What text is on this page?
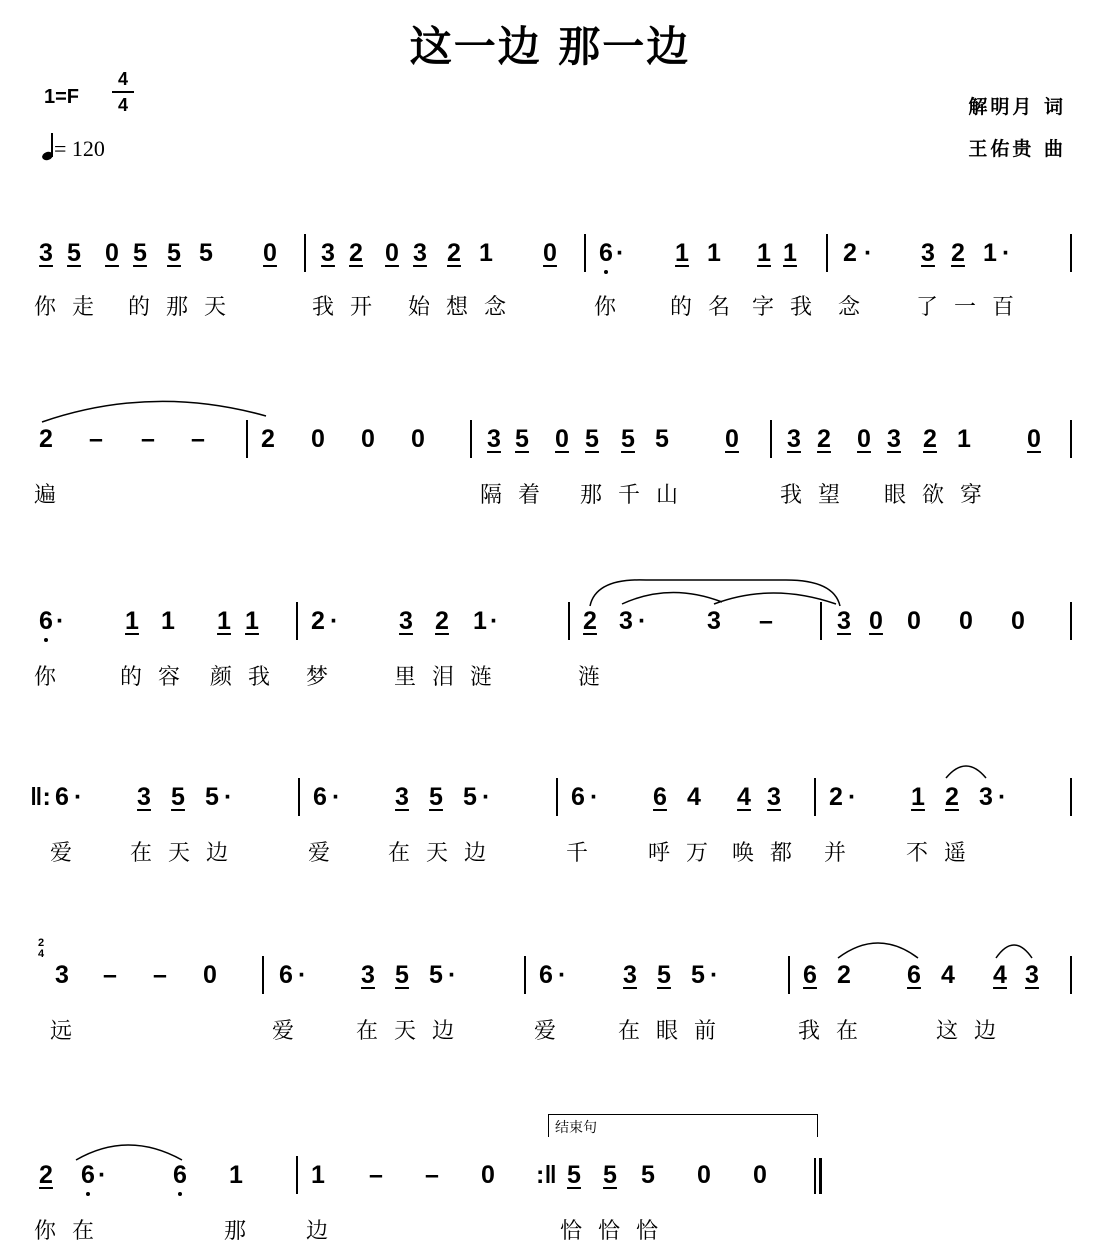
这一边 那一边
1=F
4
4
= 120
解明月 词
王佑贵 曲
3 5 0 5 5 5 0 3 2 0 3 2 1 0 6 · 1 1 1 1 2 · 3 2 1 ·
你走 的那天	我开 始想念	你 的名 字我 念 了一百
2 – – – 2 0 0 0 3 5 0 5 5 5 0 3 2 0 3 2 1 0
遍	隔着 那千山	我望 眼欲穿
6 · 1 1 1 1 2 · 3 2 1 ·	2 3 · 3 –	3 0 0 0 0
你 的容 颜我 梦 里泪涟	涟
‖: 6 · 3 5 5 ·	6 · 3 5 5 ·	6 · 6 4 4 3 2 · 1 2 3 ·
爱 在天边	爱 在天边	千 呼万 唤都 并 不遥
2
4
3 – – 0 6 · 3 5 5 ·	6 · 3 5 5 ·	6 2 6 4 4 3
远	爱 在天边	爱 在眼前	我在	这边
结束句
2 6 ·	6 1	1 – – 0 :‖ 5 5 5 0 0
你在	那 边	恰恰恰
